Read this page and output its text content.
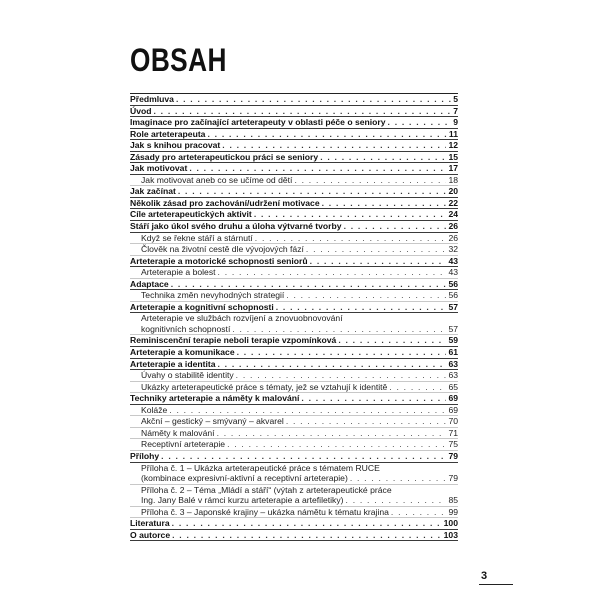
OBSAH
Předmluva . . .	5
Úvod . . .	7
Imaginace pro začínající arteterapeuty v oblasti péče o seniory . . .	9
Role arteterapeuta . . .	11
Jak s knihou pracovat . . .	12
Zásady pro arteterapeutickou práci se seniory . . .	15
Jak motivovat . . .	17
Jak motivovat aneb co se učíme od dětí . . .	18
Jak začínat . . .	20
Několik zásad pro zachování/udržení motivace . . .	22
Cíle arteterapeutických aktivit . . .	24
Stáří jako úkol svého druhu a úloha výtvarné tvorby . . .	26
Když se řekne stáří a stárnutí . . .	26
Člověk na životní cestě dle vývojových fází . . .	32
Arteterapie a motorické schopnosti seniorů . . .	43
Arteterapie a bolest . . .	43
Adaptace . . .	56
Technika změn nevyhodných strategií . . .	56
Arteterapie a kognitivní schopnosti . . .	57
Arteterapie ve službách rozvíjení a znovuobnovování
kognitivních schopností . . .	57
Reminiscenční terapie neboli terapie vzpomínková . . .	59
Arteterapie a komunikace . . .	61
Arteterapie a identita . . .	63
Úvahy o stabilitě identity . . .	63
Ukázky arteterapeutické práce s tématy, jež se vztahují k identitě . . .	65
Techniky arteterapie a náměty k malování . . .	69
Koláže . . .	69
Akční – gestický – smývaný – akvarel . . .	70
Náměty k malování . . .	71
Receptivní arteterapie . . .	75
Přílohy . . .	79
Příloha č. 1 – Ukázka arteterapeutické práce s tématem RUCE
(kombinace expresivní-aktivní a receptivní arteterapie) . . .	79
Příloha č. 2 – Téma „Mládí a stáří“ (výtah z arteterapeutické práce
Ing. Jany Balé v rámci kurzu arteterapie a artefiletiky) . . .	85
Příloha č. 3 – Japonské krajiny – ukázka námětu k tématu krajina . . .	99
Literatura . . .	100
O autorce . . .	103
3
